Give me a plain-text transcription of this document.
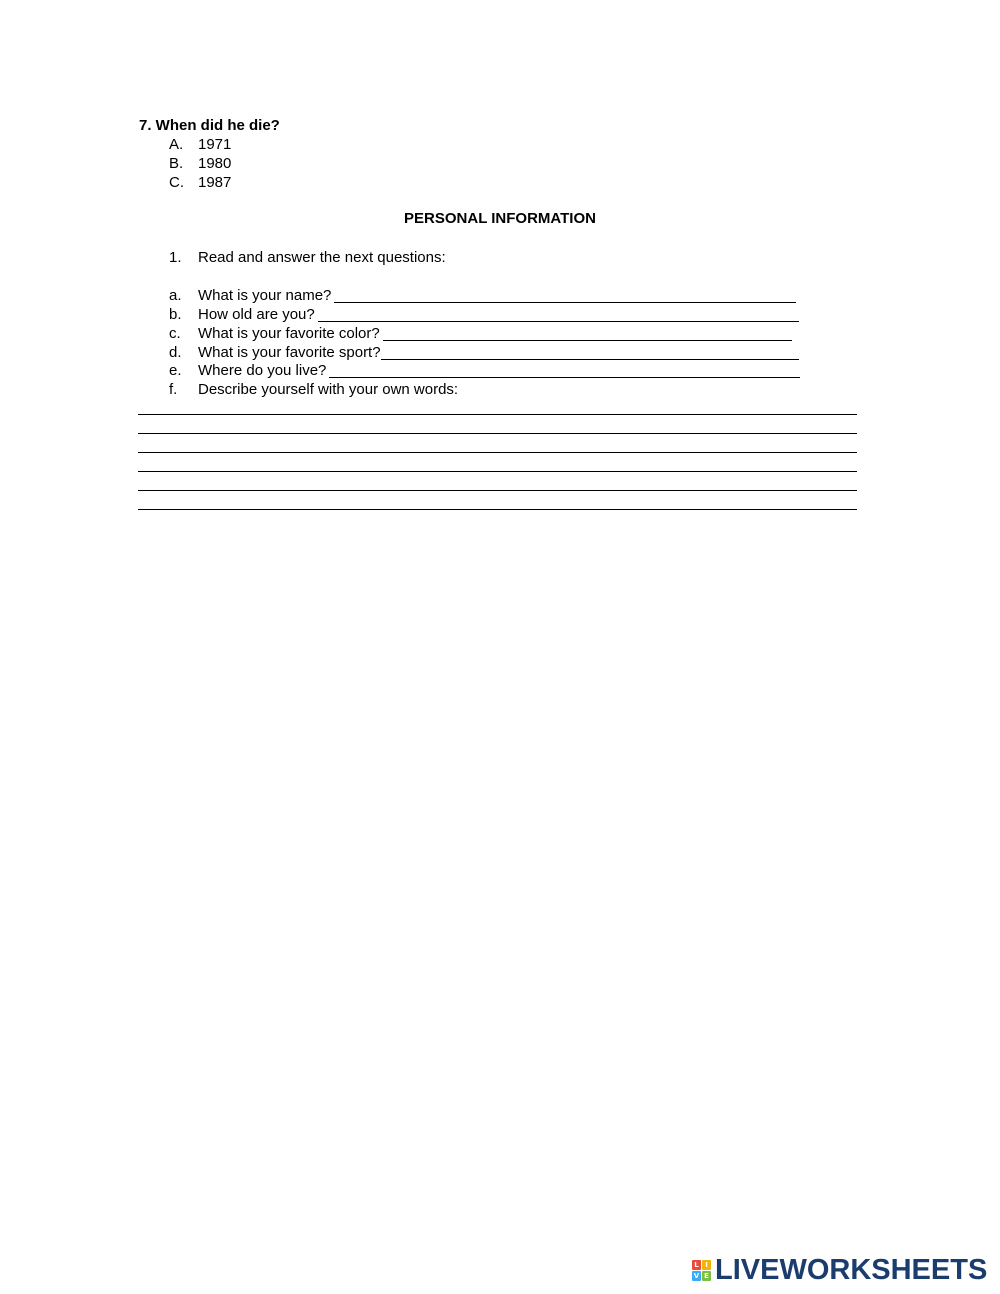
7. When did he die?
A. 1971
B. 1980
C. 1987
PERSONAL INFORMATION
1.	Read and answer the next questions:
a.	What is your name?
b.	How old are you?
c.	What is your favorite color?
d.	What is your favorite sport?
e.	Where do you live?
f.	Describe yourself with your own words:
L I
V E LIVEWORKSHEETS
